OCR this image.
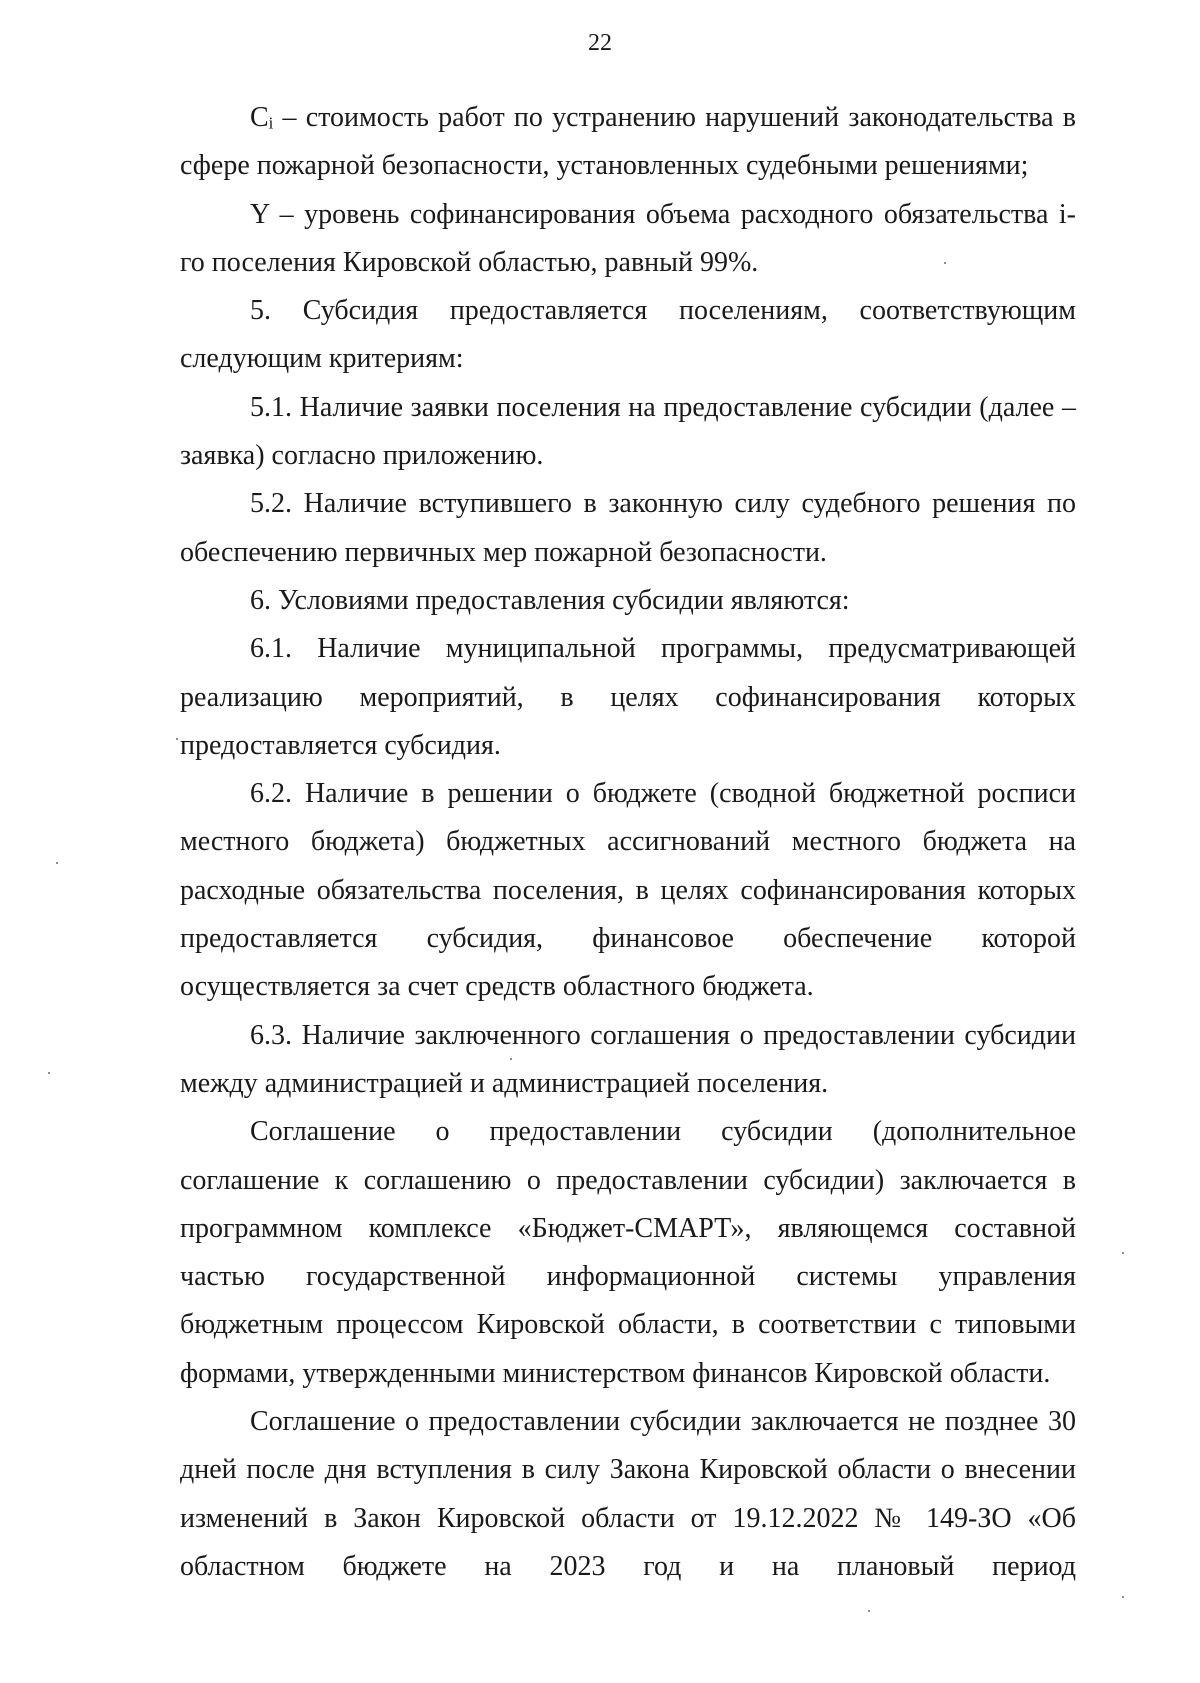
22

Cᵢ – стоимость работ по устранению нарушений законодательства в сфере пожарной безопасности, установленных судебными решениями;

Y – уровень софинансирования объема расходного обязательства i-го поселения Кировской областью, равный 99%.

5. Субсидия предоставляется поселениям, соответствующим следующим критериям:

5.1. Наличие заявки поселения на предоставление субсидии (далее – заявка) согласно приложению.

5.2. Наличие вступившего в законную силу судебного решения по обеспечению первичных мер пожарной безопасности.

6. Условиями предоставления субсидии являются:

6.1. Наличие муниципальной программы, предусматривающей реализацию мероприятий, в целях софинансирования которых предоставляется субсидия.

6.2. Наличие в решении о бюджете (сводной бюджетной росписи местного бюджета) бюджетных ассигнований местного бюджета на расходные обязательства поселения, в целях софинансирования которых предоставляется субсидия, финансовое обеспечение которой осуществляется за счет средств областного бюджета.

6.3. Наличие заключенного соглашения о предоставлении субсидии между администрацией и администрацией поселения.

Соглашение о предоставлении субсидии (дополнительное соглашение к соглашению о предоставлении субсидии) заключается в программном комплексе «Бюджет-СМАРТ», являющемся составной частью государственной информационной системы управления бюджетным процессом Кировской области, в соответствии с типовыми формами, утвержденными министерством финансов Кировской области.

Соглашение о предоставлении субсидии заключается не позднее 30 дней после дня вступления в силу Закона Кировской области о внесении изменений в Закон Кировской области от 19.12.2022 № 149-ЗО «Об областном бюджете на 2023 год и на плановый период
